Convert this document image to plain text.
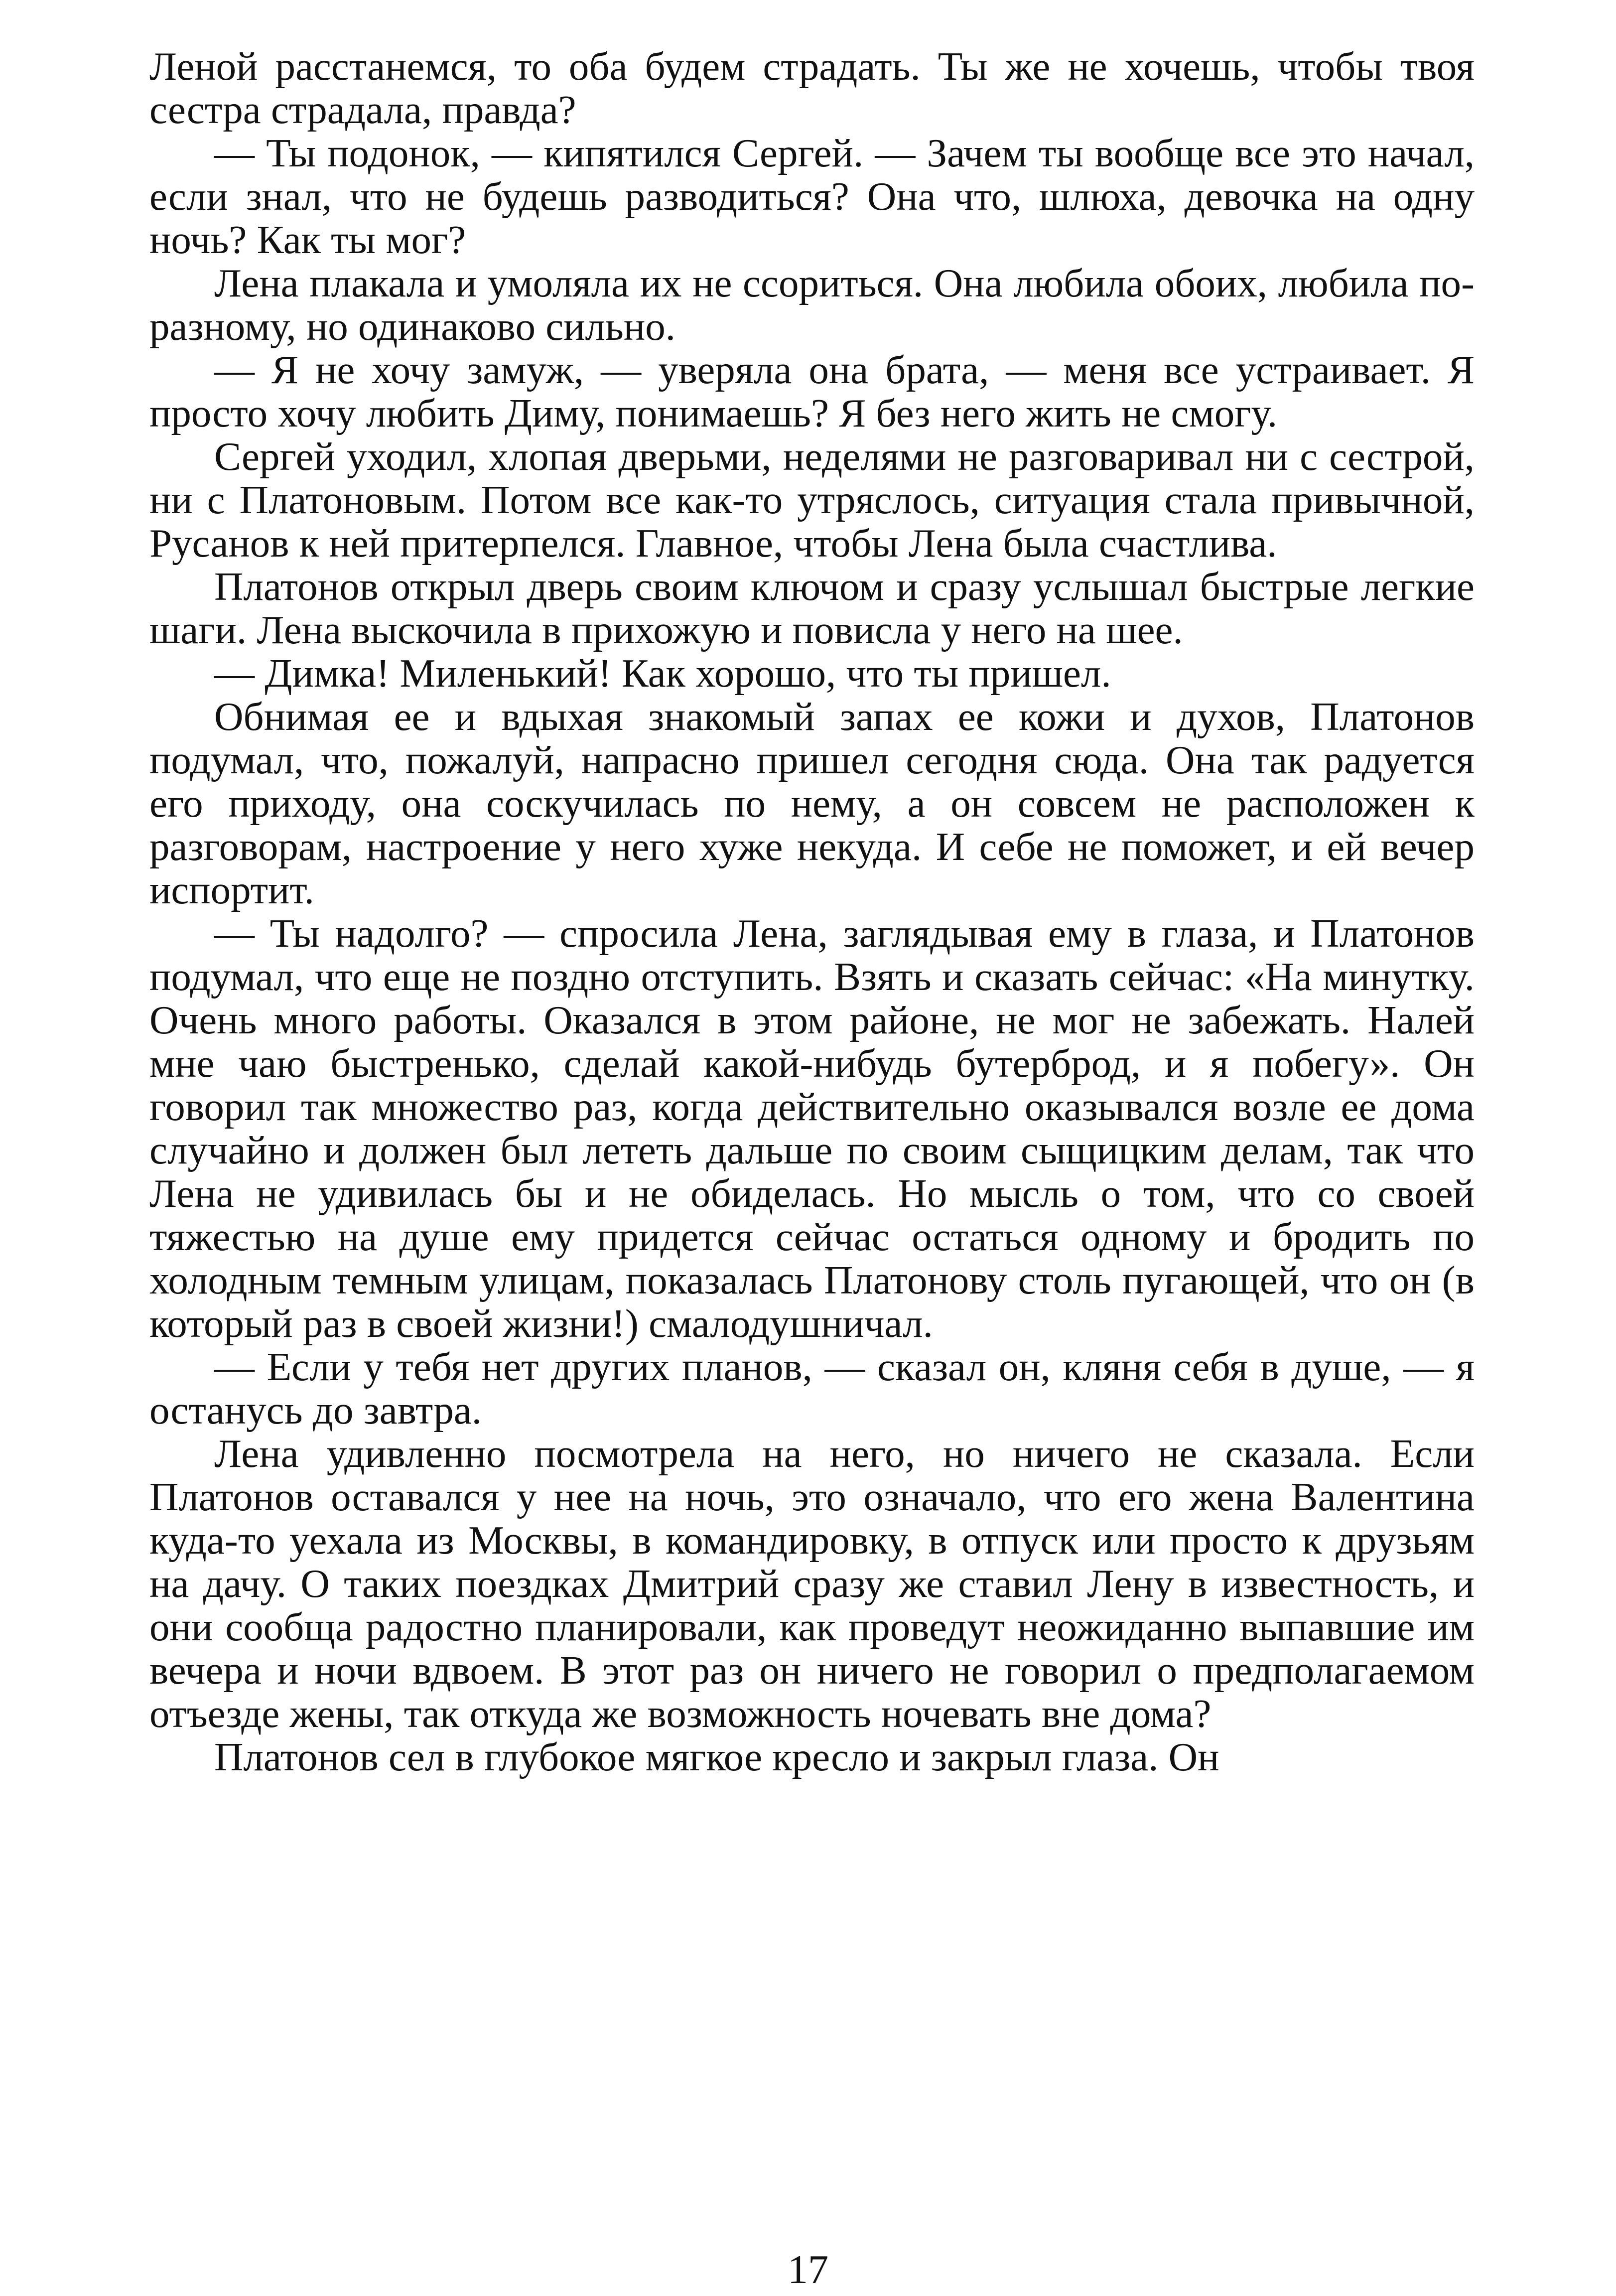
Леной расстанемся, то оба будем страдать. Ты же не хочешь, чтобы твоя сестра страдала, правда?

— Ты подонок, — кипятился Сергей. — Зачем ты вообще все это начал, если знал, что не будешь разводиться? Она что, шлюха, девочка на одну ночь? Как ты мог?

Лена плакала и умоляла их не ссориться. Она любила обоих, любила по-разному, но одинаково сильно.

— Я не хочу замуж, — уверяла она брата, — меня все устраивает. Я просто хочу любить Диму, понимаешь? Я без него жить не смогу.

Сергей уходил, хлопая дверьми, неделями не разговаривал ни с сестрой, ни с Платоновым. Потом все как-то утряслось, ситуация стала привычной, Русанов к ней притерпелся. Главное, чтобы Лена была счастлива.

Платонов открыл дверь своим ключом и сразу услышал быстрые легкие шаги. Лена выскочила в прихожую и повисла у него на шее.

— Димка! Миленький! Как хорошо, что ты пришел.

Обнимая ее и вдыхая знакомый запах ее кожи и духов, Платонов подумал, что, пожалуй, напрасно пришел сегодня сюда. Она так радуется его приходу, она соскучилась по нему, а он совсем не расположен к разговорам, настроение у него хуже некуда. И себе не поможет, и ей вечер испортит.

— Ты надолго? — спросила Лена, заглядывая ему в глаза, и Платонов подумал, что еще не поздно отступить. Взять и сказать сейчас: «На минутку. Очень много работы. Оказался в этом районе, не мог не забежать. Налей мне чаю быстренько, сделай какой-нибудь бутерброд, и я побегу». Он говорил так множество раз, когда действительно оказывался возле ее дома случайно и должен был лететь дальше по своим сыщицким делам, так что Лена не удивилась бы и не обиделась. Но мысль о том, что со своей тяжестью на душе ему придется сейчас остаться одному и бродить по холодным темным улицам, показалась Платонову столь пугающей, что он (в который раз в своей жизни!) смалодушничал.

— Если у тебя нет других планов, — сказал он, кляня себя в душе, — я останусь до завтра.

Лена удивленно посмотрела на него, но ничего не сказала. Если Платонов оставался у нее на ночь, это означало, что его жена Валентина куда-то уехала из Москвы, в командировку, в отпуск или просто к друзьям на дачу. О таких поездках Дмитрий сразу же ставил Лену в известность, и они сообща радостно планировали, как проведут неожиданно выпавшие им вечера и ночи вдвоем. В этот раз он ничего не говорил о предполагаемом отъезде жены, так откуда же возможность ночевать вне дома?

Платонов сел в глубокое мягкое кресло и закрыл глаза. Он

17
